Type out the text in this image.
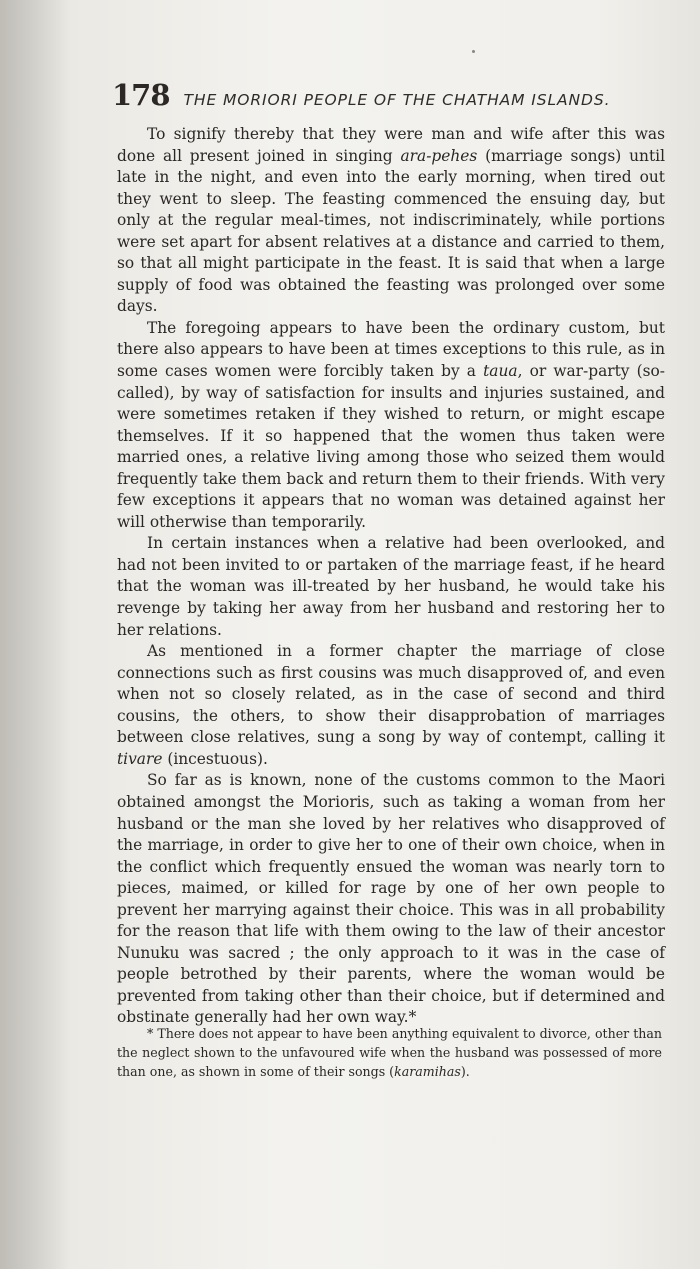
178 THE MORIORI PEOPLE OF THE CHATHAM ISLANDS.

To signify thereby that they were man and wife after this was done all present joined in singing ara-pehes (marriage songs) until late in the night, and even into the early morning, when tired out they went to sleep. The feasting commenced the ensuing day, but only at the regular meal-times, not indiscriminately, while portions were set apart for absent relatives at a distance and carried to them, so that all might participate in the feast. It is said that when a large supply of food was obtained the feasting was prolonged over some days.

The foregoing appears to have been the ordinary custom, but there also appears to have been at times exceptions to this rule, as in some cases women were forcibly taken by a taua, or war-party (so-called), by way of satisfaction for insults and injuries sustained, and were sometimes retaken if they wished to return, or might escape themselves. If it so happened that the women thus taken were married ones, a relative living among those who seized them would frequently take them back and return them to their friends. With very few exceptions it appears that no woman was detained against her will otherwise than temporarily.

In certain instances when a relative had been overlooked, and had not been invited to or partaken of the marriage feast, if he heard that the woman was ill-treated by her husband, he would take his revenge by taking her away from her husband and restoring her to her relations.

As mentioned in a former chapter the marriage of close connections such as first cousins was much disapproved of, and even when not so closely related, as in the case of second and third cousins, the others, to show their disapprobation of marriages between close relatives, sung a song by way of contempt, calling it tivare (incestuous).

So far as is known, none of the customs common to the Maori obtained amongst the Morioris, such as taking a woman from her husband or the man she loved by her relatives who disapproved of the marriage, in order to give her to one of their own choice, when in the conflict which frequently ensued the woman was nearly torn to pieces, maimed, or killed for rage by one of her own people to prevent her marrying against their choice. This was in all probability for the reason that life with them owing to the law of their ancestor Nunuku was sacred ; the only approach to it was in the case of people betrothed by their parents, where the woman would be prevented from taking other than their choice, but if determined and obstinate generally had her own way.*

* There does not appear to have been anything equivalent to divorce, other than the neglect shown to the unfavoured wife when the husband was possessed of more than one, as shown in some of their songs (karamihas).
